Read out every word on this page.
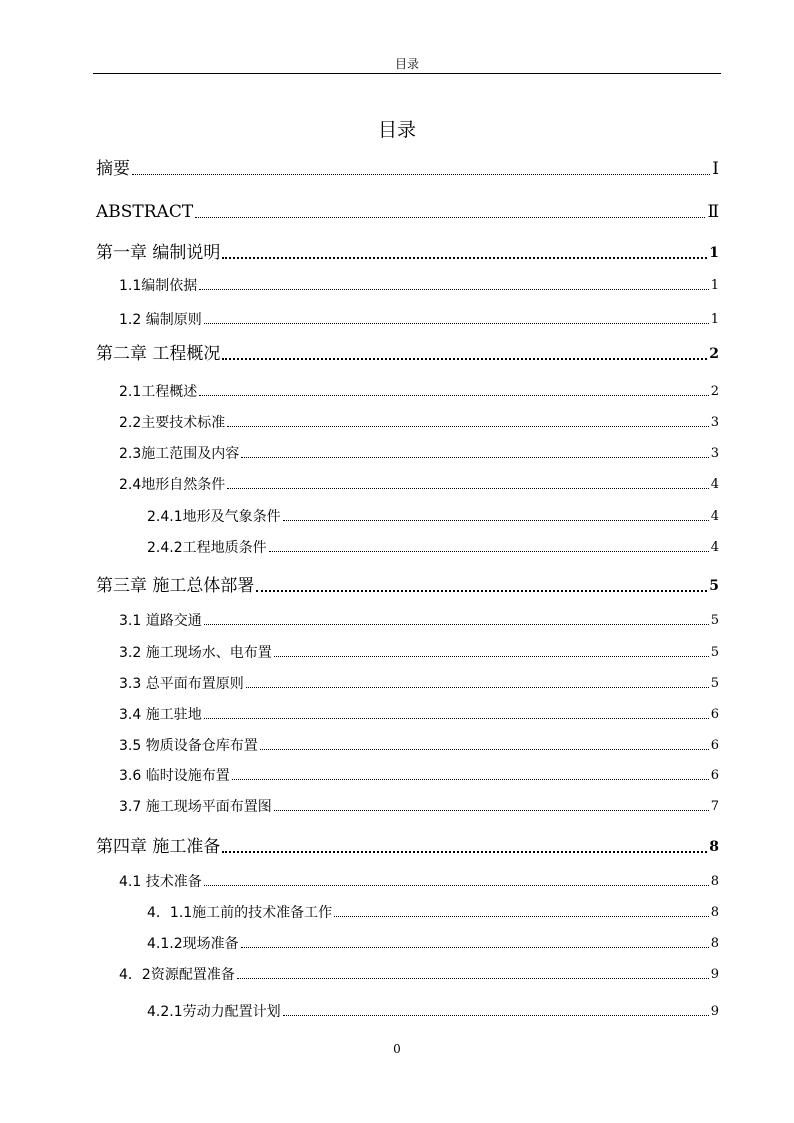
目录
目录
摘要	Ⅰ
ABSTRACT	Ⅱ
第一章 编制说明	1
1.1编制依据	1
1.2 编制原则	1
第二章 工程概况	2
2.1工程概述	2
2.2主要技术标准	3
2.3施工范围及内容	3
2.4地形自然条件	4
2.4.1地形及气象条件	4
2.4.2工程地质条件	4
第三章 施工总体部署	5
3.1 道路交通	5
3.2 施工现场水、电布置	5
3.3 总平面布置原则	5
3.4 施工驻地	6
3.5 物质设备仓库布置	6
3.6 临时设施布置	6
3.7 施工现场平面布置图	7
第四章 施工准备	8
4.1 技术准备	8
4．1.1施工前的技术准备工作	8
4.1.2现场准备	8
4．2资源配置准备	9
4.2.1劳动力配置计划	9
0
